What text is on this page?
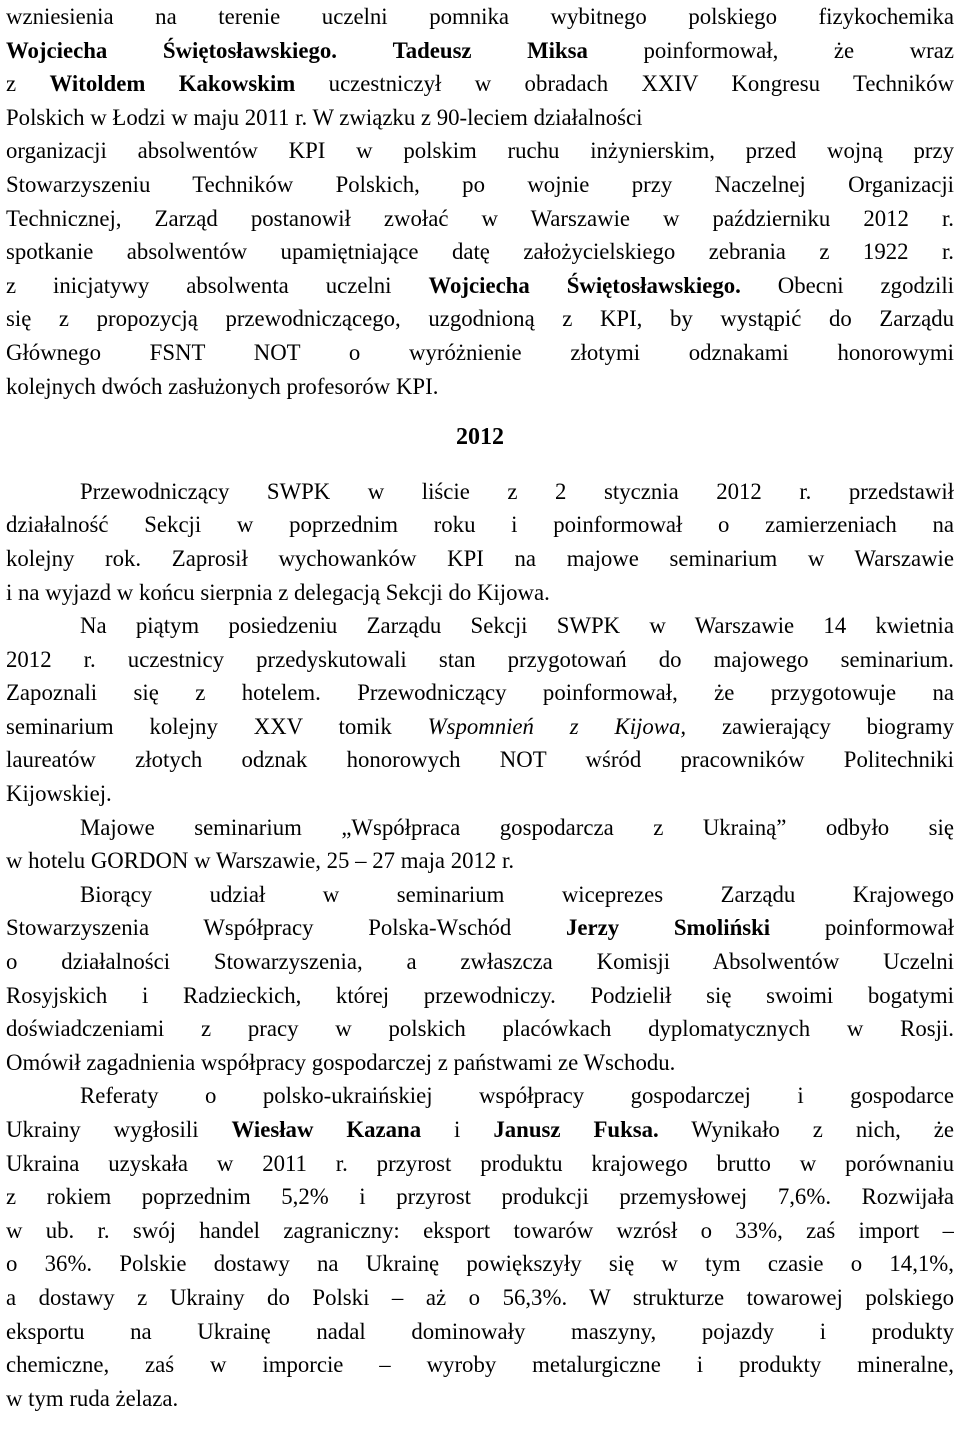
wzniesienia na terenie uczelni pomnika wybitnego polskiego fizykochemika
Wojciecha Świętosławskiego. Tadeusz Miksa poinformował, że wraz
z Witoldem Kakowskim uczestniczył w obradach XXIV Kongresu Techników
Polskich w Łodzi w maju 2011 r. W związku z 90-leciem działalności
organizacji absolwentów KPI w polskim ruchu inżynierskim, przed wojną przy
Stowarzyszeniu Techników Polskich, po wojnie przy Naczelnej Organizacji
Technicznej, Zarząd postanowił zwołać w Warszawie w październiku 2012 r.
spotkanie absolwentów upamiętniające datę założycielskiego zebrania z 1922 r.
z inicjatywy absolwenta uczelni Wojciecha Świętosławskiego. Obecni zgodzili
się z propozycją przewodniczącego, uzgodnioną z KPI, by wystąpić do Zarządu
Głównego FSNT NOT o wyróżnienie złotymi odznakami honorowymi
kolejnych dwóch zasłużonych profesorów KPI.
2012
Przewodniczący SWPK w liście z 2 stycznia 2012 r. przedstawił
działalność Sekcji w poprzednim roku i poinformował o zamierzeniach na
kolejny rok. Zaprosił wychowanków KPI na majowe seminarium w Warszawie
i na wyjazd w końcu sierpnia z delegacją Sekcji do Kijowa.
Na piątym posiedzeniu Zarządu Sekcji SWPK w Warszawie 14 kwietnia
2012 r. uczestnicy przedyskutowali stan przygotowań do majowego seminarium.
Zapoznali się z hotelem. Przewodniczący poinformował, że przygotowuje na
seminarium kolejny XXV tomik Wspomnień z Kijowa, zawierający biogramy
laureatów złotych odznak honorowych NOT wśród pracowników Politechniki
Kijowskiej.
Majowe seminarium „Współpraca gospodarcza z Ukrainą” odbyło się
w hotelu GORDON w Warszawie, 25 – 27 maja 2012 r.
Biorący udział w seminarium wiceprezes Zarządu Krajowego
Stowarzyszenia Współpracy Polska-Wschód Jerzy Smoliński poinformował
o działalności Stowarzyszenia, a zwłaszcza Komisji Absolwentów Uczelni
Rosyjskich i Radzieckich, której przewodniczy. Podzielił się swoimi bogatymi
doświadczeniami z pracy w polskich placówkach dyplomatycznych w Rosji.
Omówił zagadnienia współpracy gospodarczej z państwami ze Wschodu.
Referaty o polsko-ukraińskiej współpracy gospodarczej i gospodarce
Ukrainy wygłosili Wiesław Kazana i Janusz Fuksa. Wynikało z nich, że
Ukraina uzyskała w 2011 r. przyrost produktu krajowego brutto w porównaniu
z rokiem poprzednim 5,2% i przyrost produkcji przemysłowej 7,6%. Rozwijała
w ub. r. swój handel zagraniczny: eksport towarów wzrósł o 33%, zaś import –
o 36%. Polskie dostawy na Ukrainę powiększyły się w tym czasie o 14,1%,
a dostawy z Ukrainy do Polski – aż o 56,3%. W strukturze towarowej polskiego
eksportu na Ukrainę nadal dominowały maszyny, pojazdy i produkty
chemiczne, zaś w imporcie – wyroby metalurgiczne i produkty mineralne,
w tym ruda żelaza.
